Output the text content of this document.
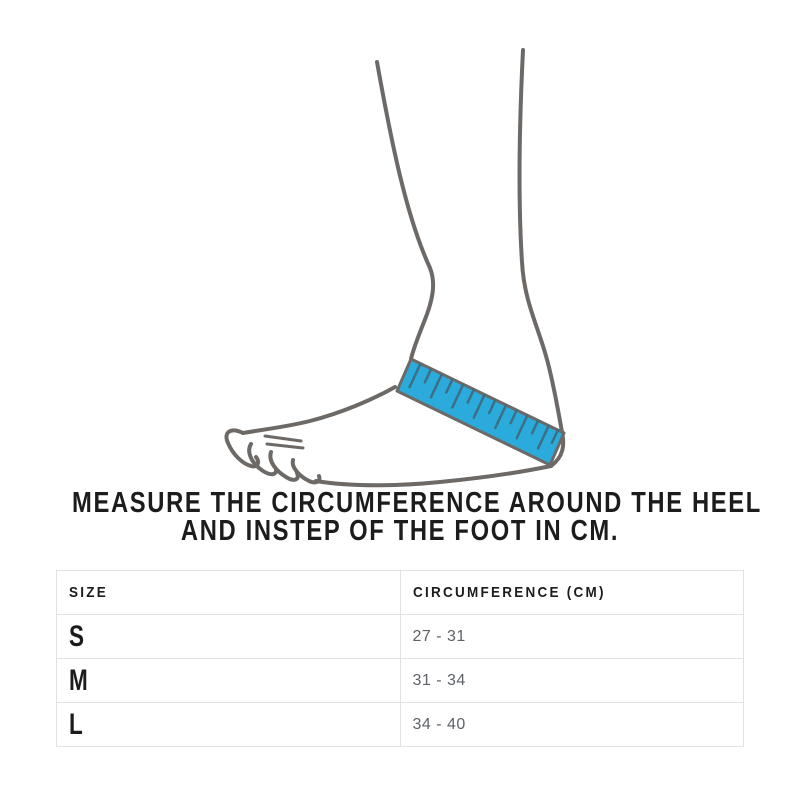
MEASURE THE CIRCUMFERENCE AROUND THE HEEL
AND INSTEP OF THE FOOT IN CM.
SIZE	CIRCUMFERENCE (CM)
S	27 - 31
M	31 - 34
L	34 - 40
